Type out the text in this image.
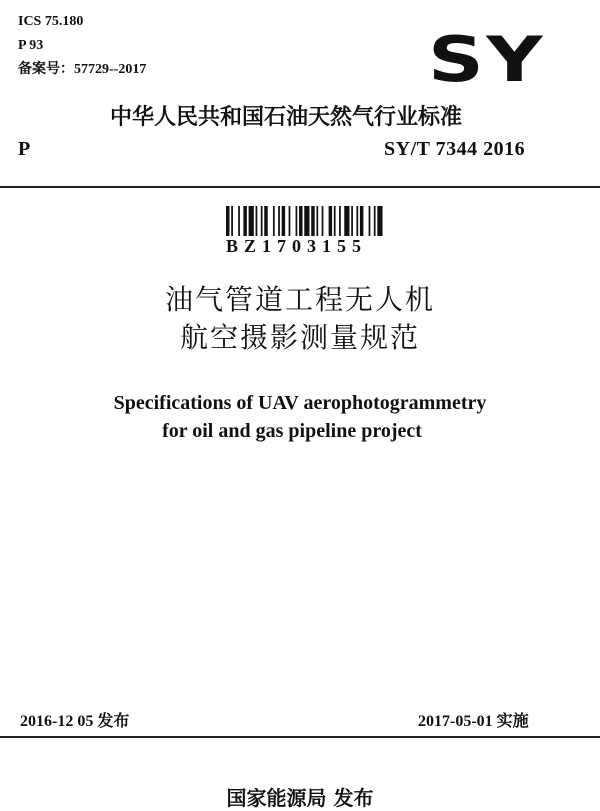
ICS 75.180
P 93
备案号：57729--2017	SY
中华人民共和国石油天然气行业标准
P	SY/T 7344 2016
BZ1703155
油气管道工程无人机
航空摄影测量规范
Specifications of UAV aerophotogrammetry
for oil and gas pipeline project
2016-12 05 发布	2017-05-01 实施
国家能源局 发布
